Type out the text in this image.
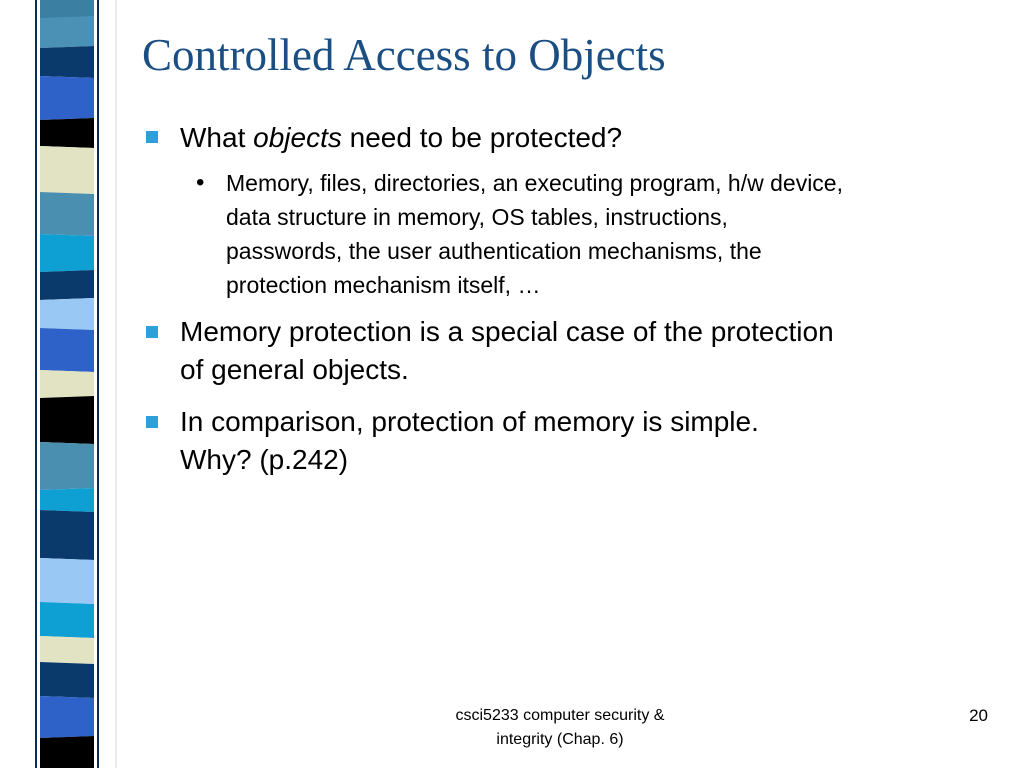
Controlled Access to Objects
What objects need to be protected?
• Memory, files, directories, an executing program, h/w device,
data structure in memory, OS tables, instructions,
passwords, the user authentication mechanisms, the
protection mechanism itself, …
Memory protection is a special case of the protection
of general objects.
In comparison, protection of memory is simple.
Why? (p.242)
csci5233 computer security &
integrity (Chap. 6)
20
